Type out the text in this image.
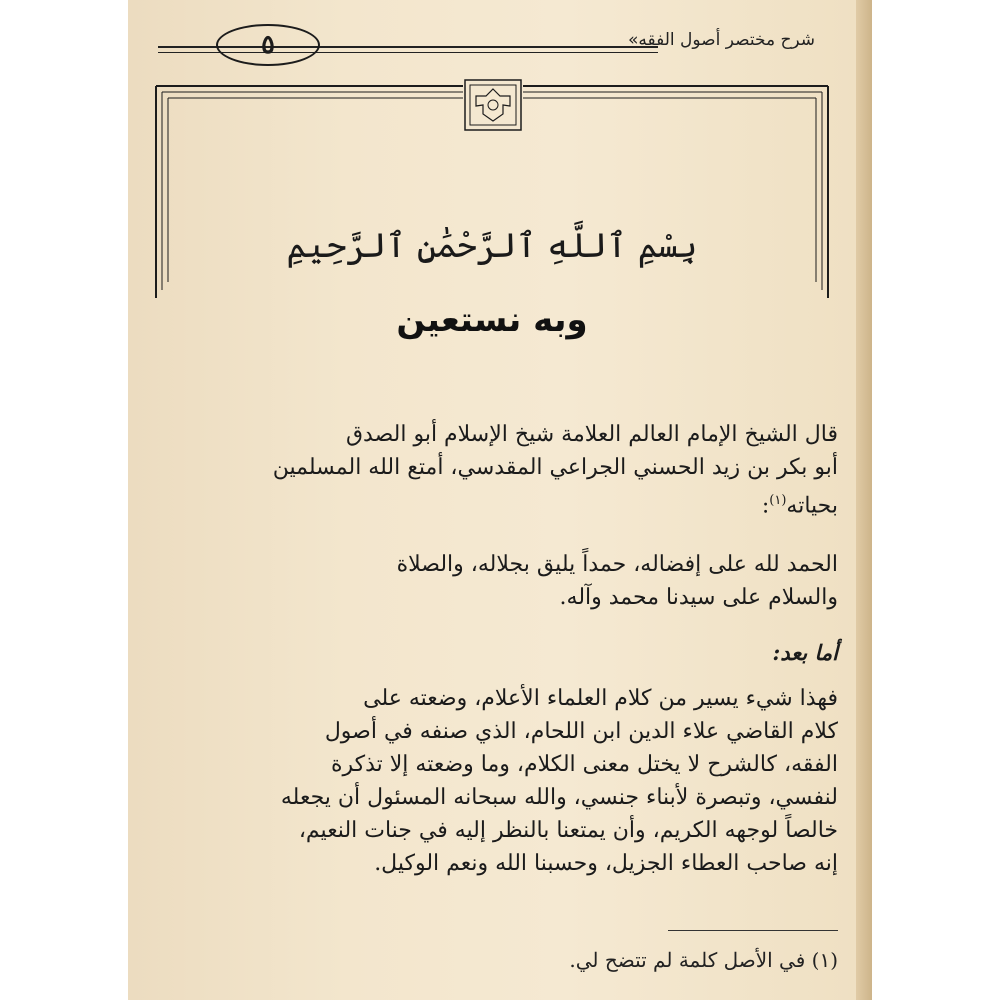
شرح مختصر أصول الفقه»
٥
بِسْمِ ٱللَّهِ ٱلرَّحْمَٰنِ ٱلرَّحِيمِ
وبه نستعين
قال الشيخ الإمام العالم العلامة شيخ الإسلام أبو الصدق
أبو بكر بن زيد الحسني الجراعي المقدسي، أمتع الله المسلمين
بحياته$^{(١)}$:
الحمد لله على إفضاله، حمداً يليق بجلاله، والصلاة
والسلام على سيدنا محمد وآله.
أما بعد:
فهذا شيء يسير من كلام العلماء الأعلام، وضعته على
كلام القاضي علاء الدين ابن اللحام، الذي صنفه في أصول
الفقه، كالشرح لا يختل معنى الكلام، وما وضعته إلا تذكرة
لنفسي، وتبصرة لأبناء جنسي، والله سبحانه المسئول أن يجعله
خالصاً لوجهه الكريم، وأن يمتعنا بالنظر إليه في جنات النعيم،
إنه صاحب العطاء الجزيل، وحسبنا الله ونعم الوكيل.
(١) في الأصل كلمة لم تتضح لي.
